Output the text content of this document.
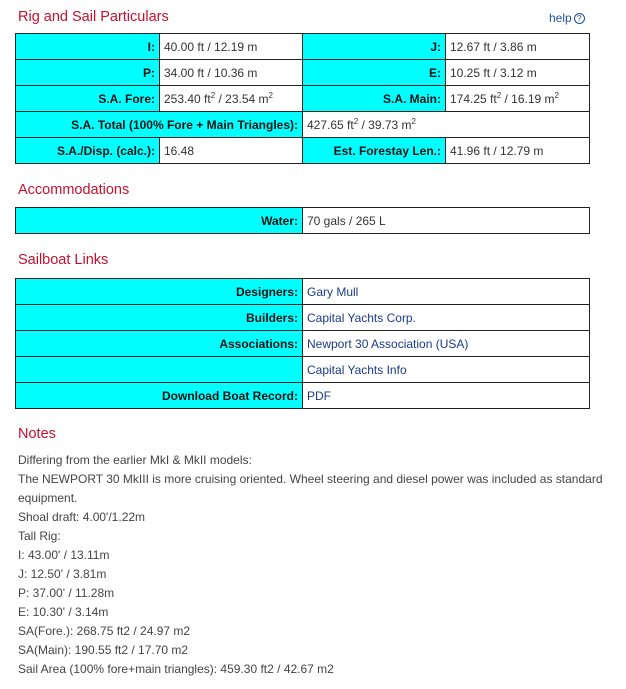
Rig and Sail Particulars	help ?
I:	40.00 ft / 12.19 m	J:	12.67 ft / 3.86 m
P:	34.00 ft / 10.36 m	E:	10.25 ft / 3.12 m
S.A. Fore:	253.40 $ft^2 / 23.54$ $m^2$	S.A. Main:	174.25 $ft^2 / 16.19$ $m^2$
S.A. Total (100% Fore + Main Triangles):		427.65 $ft^2 / 39.73$ $m^2$
S.A./Disp. (calc.):	16.48	Est. Forestay Len.:	41.96 ft / 12.79 m
Accommodations
Water:	70 gals / 265 L
Sailboat Links
Designers:	Gary Mull
Builders:	Capital Yachts Corp.
Associations:	Newport 30 Association (USA)
	Capital Yachts Info
Download Boat Record:	PDF
Notes
Differing from the earlier MkI & MkII models:
The NEWPORT 30 MkIII is more cruising oriented. Wheel steering and diesel power was included as standard equipment.
Shoal draft: 4.00'/1.22m
Tall Rig:
I: 43.00' / 13.11m
J: 12.50' / 3.81m
P: 37.00' / 11.28m
E: 10.30' / 3.14m
SA(Fore.): 268.75 ft2 / 24.97 m2
SA(Main): 190.55 ft2 / 17.70 m2
Sail Area (100% fore+main triangles): 459.30 ft2 / 42.67 m2
